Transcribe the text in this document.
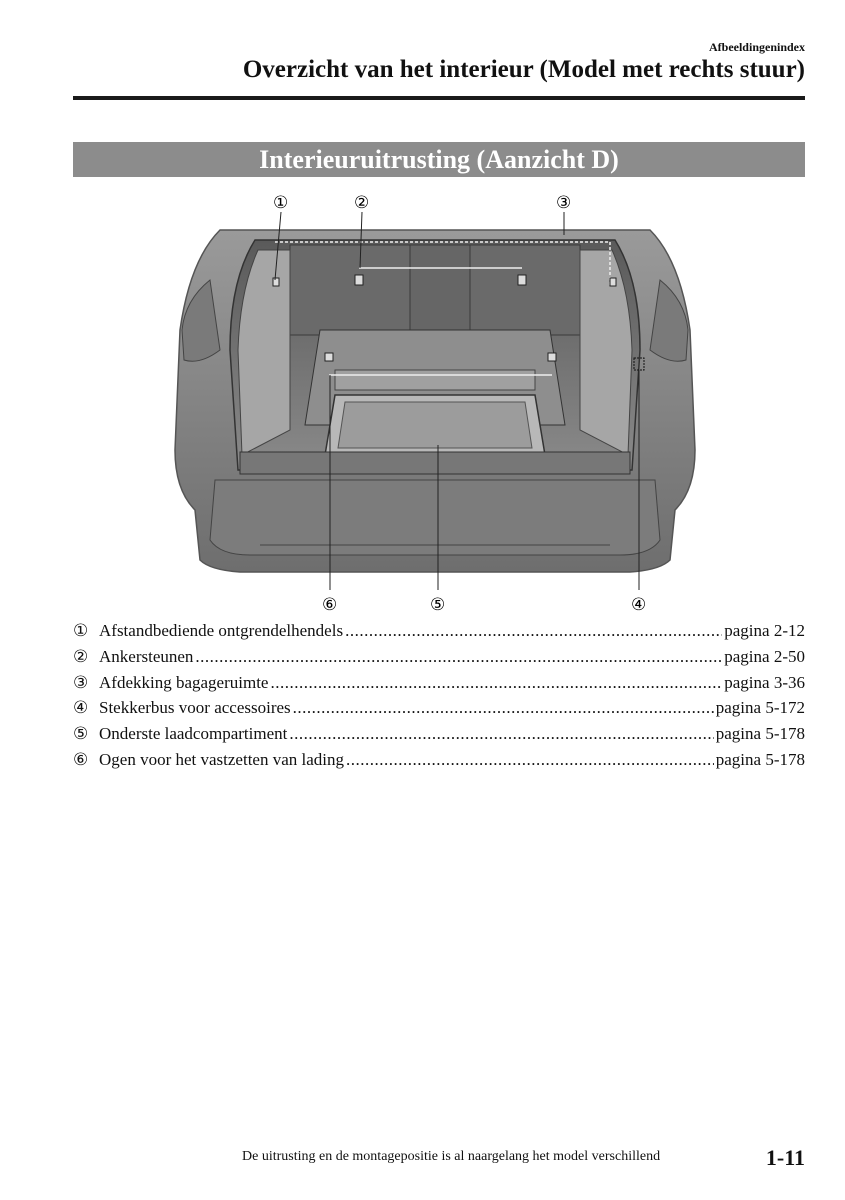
Afbeeldingenindex
Overzicht van het interieur (Model met rechts stuur)
Interieuruitrusting (Aanzicht D)
①	②	③
⑥	⑤	④
① Afstandbediende ontgrendelhendels .....	pagina 2-12
② Ankersteunen .....	pagina 2-50
③ Afdekking bagageruimte .....	pagina 3-36
④ Stekkerbus voor accessoires .....	pagina 5-172
⑤ Onderste laadcompartiment .....	pagina 5-178
⑥ Ogen voor het vastzetten van lading .....	pagina 5-178
De uitrusting en de montagepositie is al naargelang het model verschillend	1-11
